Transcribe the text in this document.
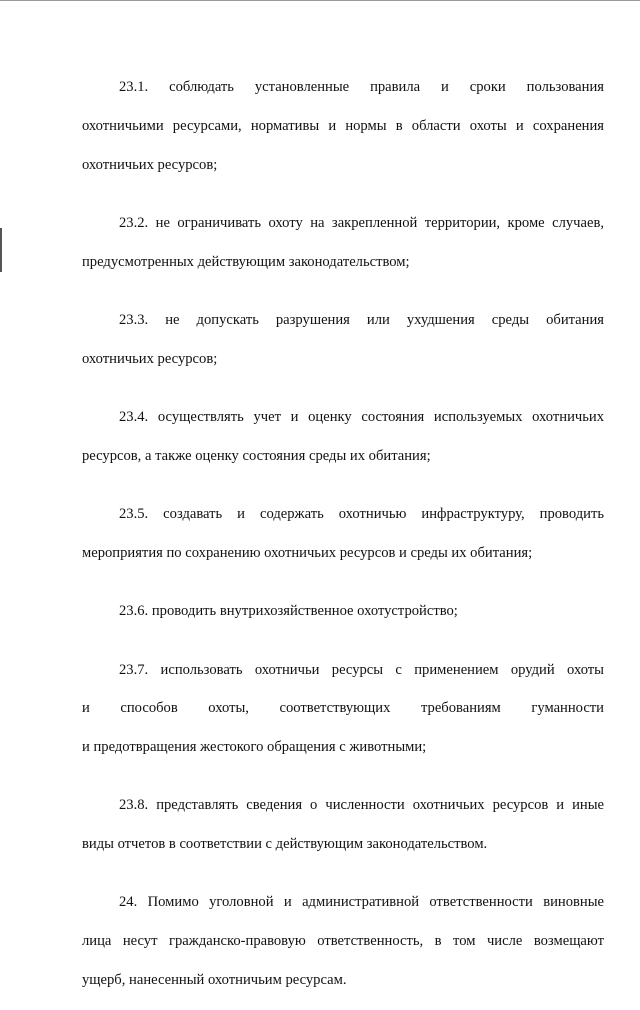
23.1. соблюдать установленные правила и сроки пользования

охотничьими ресурсами, нормативы и нормы в области охоты и сохранения

охотничьих ресурсов;

23.2. не ограничивать охоту на закрепленной территории, кроме случаев,

предусмотренных действующим законодательством;

23.3. не допускать разрушения или ухудшения среды обитания

охотничьих ресурсов;

23.4. осуществлять учет и оценку состояния используемых охотничьих

ресурсов, а также оценку состояния среды их обитания;

23.5. создавать и содержать охотничью инфраструктуру, проводить

мероприятия по сохранению охотничьих ресурсов и среды их обитания;

23.6. проводить внутрихозяйственное охотустройство;

23.7. использовать охотничьи ресурсы с применением орудий охоты

и способов охоты, соответствующих требованиям гуманности

и предотвращения жестокого обращения с животными;

23.8. представлять сведения о численности охотничьих ресурсов и иные

виды отчетов в соответствии с действующим законодательством.

24. Помимо уголовной и административной ответственности виновные

лица несут гражданско-правовую ответственность, в том числе возмещают

ущерб, нанесенный охотничьим ресурсам.
